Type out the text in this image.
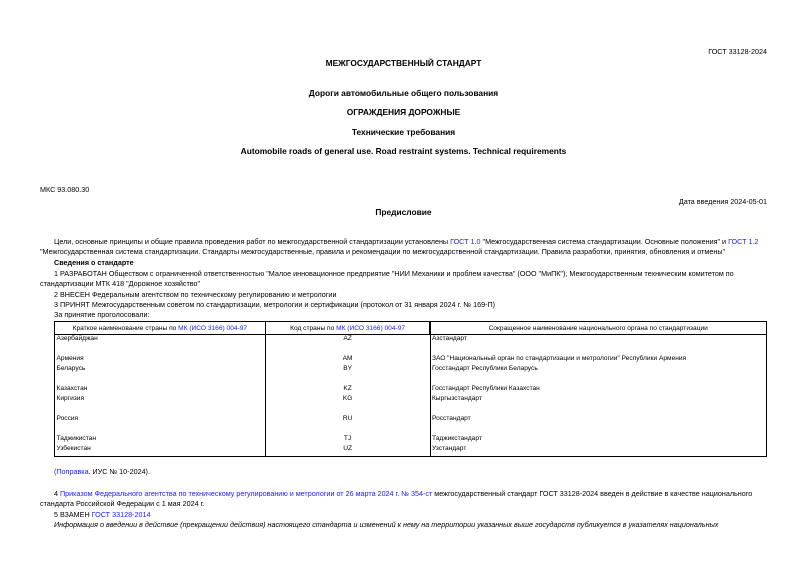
ГОСТ 33128-2024
МЕЖГОСУДАРСТВЕННЫЙ СТАНДАРТ
Дороги автомобильные общего пользования
ОГРАЖДЕНИЯ ДОРОЖНЫЕ
Технические требования
Automobile roads of general use. Road restraint systems. Technical requirements
МКС 93.080.30
Дата введения 2024-05-01
Предисловие
Цели, основные принципы и общие правила проведения работ по межгосударственной стандартизации установлены ГОСТ 1.0 "Межгосударственная система стандартизации. Основные положения" и ГОСТ 1.2
"Межгосударственная система стандартизации. Стандарты межгосударственные, правила и рекомендации по межгосударственной стандартизации. Правила разработки, принятия, обновления и отмены"
Сведения о стандарте
1 РАЗРАБОТАН Обществом с ограниченной ответственностью "Малое инновационное предприятие "НИИ Механики и проблем качества" (ООО "МиПК"), Межгосударственным техническим комитетом по стандартизации МТК 418 "Дорожное хозяйство"
2 ВНЕСЕН Федеральным агентством по техническому регулированию и метрологии
3 ПРИНЯТ Межгосударственным советом по стандартизации, метрологии и сертификации (протокол от 31 января 2024 г. № 169-П)
За принятие проголосовали:
Краткое наименование страны по МК (ИСО 3166) 004-97	Код страны по МК (ИСО 3166) 004-97	Сокращенное наименование национального органа по стандартизации
Азербайджан	AZ	Азстандарт

Армения	AM	ЗАО "Национальный орган по стандартизации и метрологии" Республики Армения
Беларусь	BY	Госстандарт Республики Беларусь

Казахстан	KZ	Госстандарт Республики Казахстан
Киргизия	KG	Кыргызстандарт

Россия	RU	Росстандарт

Таджикистан	TJ	Таджикстандарт
Узбекистан	UZ	Узстандарт
(Поправка. ИУС № 10-2024).
4 Приказом Федерального агентства по техническому регулированию и метрологии от 26 марта 2024 г. № 354-ст межгосударственный стандарт ГОСТ 33128-2024 введен в действие в качестве национального стандарта Российской Федерации с 1 мая 2024 г.
5 ВЗАМЕН ГОСТ 33128-2014
Информация о введении в действие (прекращении действия) настоящего стандарта и изменений к нему на территории указанных выше государств публикуется в указателях национальных
